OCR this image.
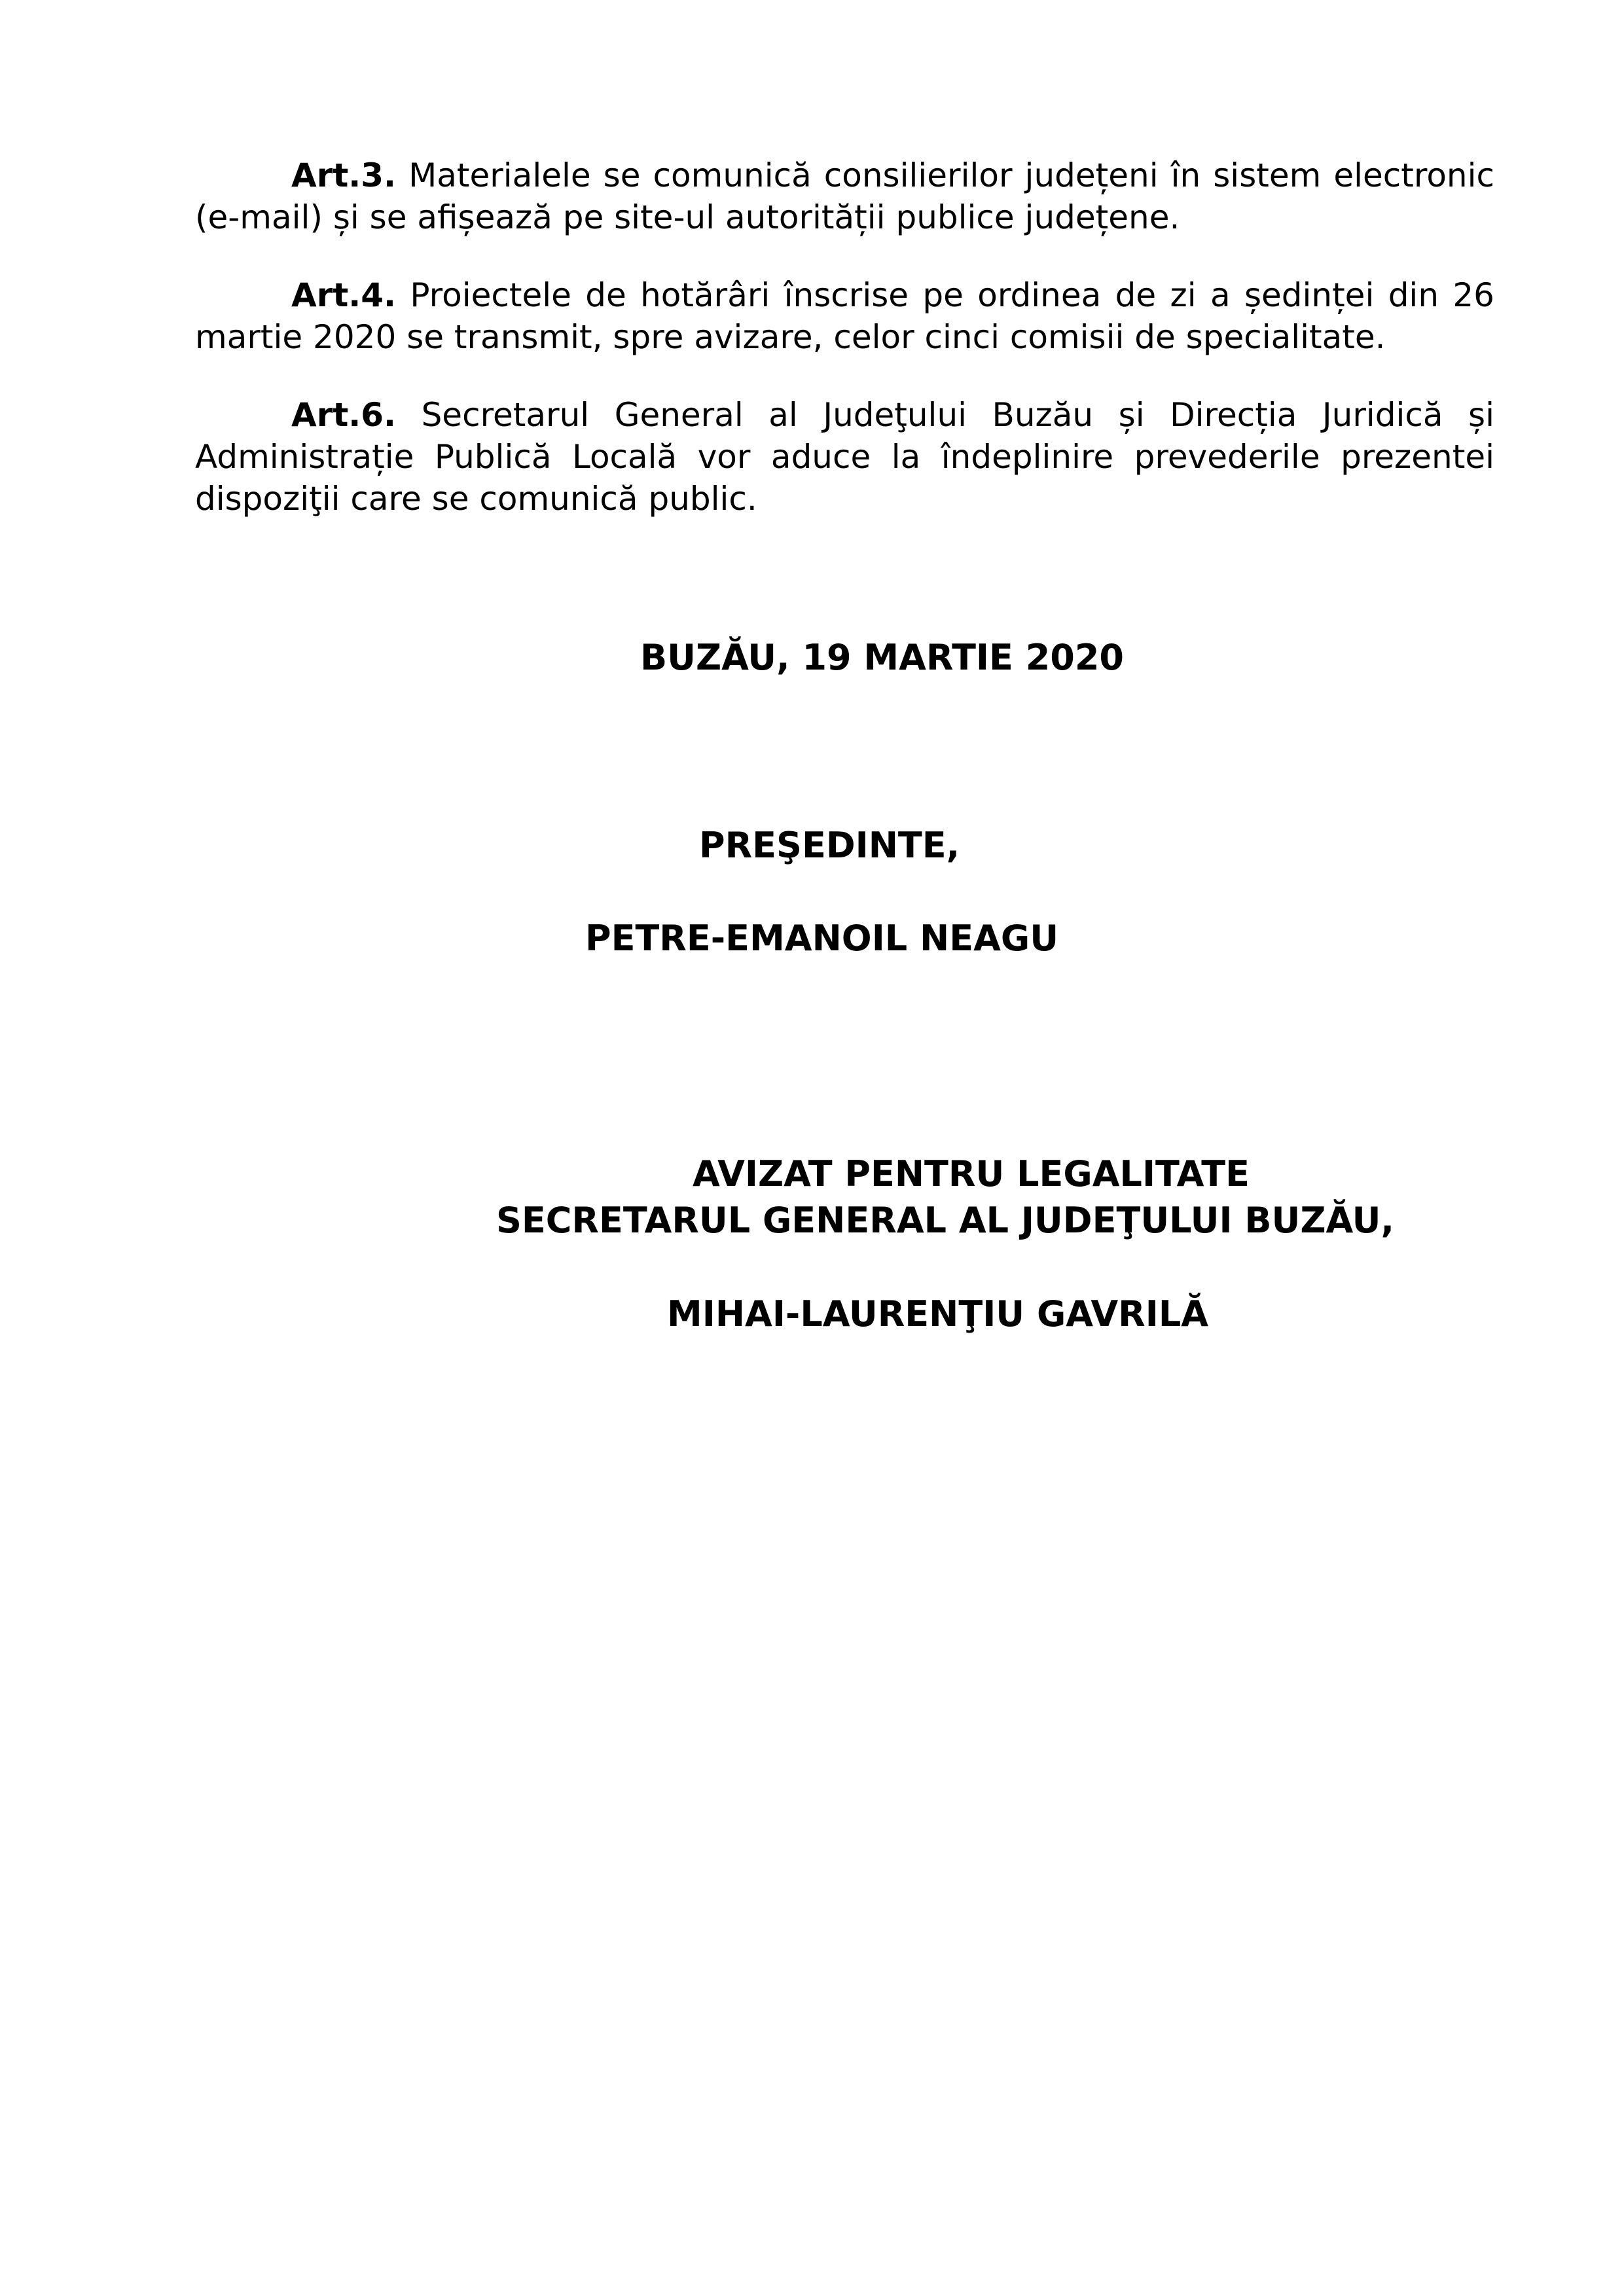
Art.3. Materialele se comunică consilierilor județeni în sistem electronic (e-mail) și se afișează pe site-ul autorității publice județene.

Art.4. Proiectele de hotărâri înscrise pe ordinea de zi a ședinței din 26 martie 2020 se transmit, spre avizare, celor cinci comisii de specialitate.

Art.6. Secretarul General al Judeţului Buzău și Direcția Juridică și Administrație Publică Locală vor aduce la îndeplinire prevederile prezentei dispoziţii care se comunică public.

BUZĂU, 19 MARTIE 2020

PREŞEDINTE,

PETRE-EMANOIL NEAGU

AVIZAT PENTRU LEGALITATE

SECRETARUL GENERAL AL JUDEŢULUI BUZĂU,

MIHAI-LAURENŢIU GAVRILĂ
